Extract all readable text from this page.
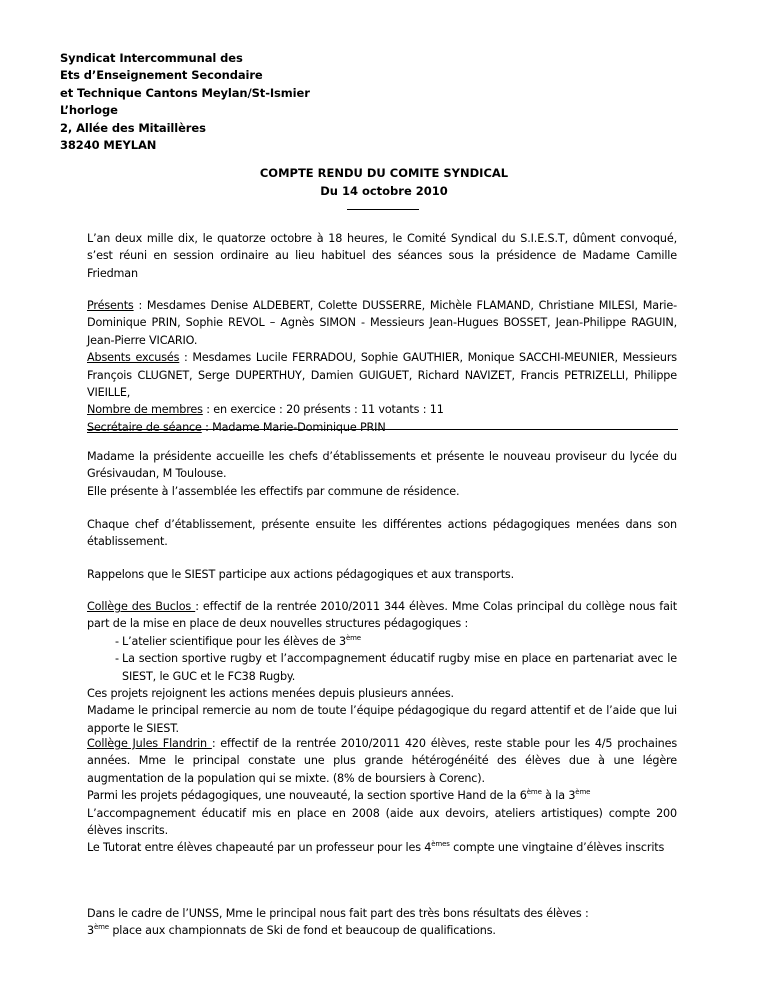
Syndicat Intercommunal des
Ets d’Enseignement Secondaire
et Technique Cantons Meylan/St-Ismier
L’horloge
2, Allée des Mitaillères
38240 MEYLAN
COMPTE RENDU DU COMITE SYNDICAL
Du 14 octobre 2010
L’an deux mille dix, le quatorze octobre à 18 heures, le Comité Syndical du S.I.E.S.T, dûment convoqué, s’est réuni en session ordinaire au lieu habituel des séances sous la présidence de Madame Camille Friedman
Présents : Mesdames Denise ALDEBERT, Colette DUSSERRE, Michèle FLAMAND, Christiane MILESI, Marie-Dominique PRIN, Sophie REVOL – Agnès SIMON - Messieurs Jean-Hugues BOSSET, Jean-Philippe RAGUIN, Jean-Pierre VICARIO.
Absents excusés : Mesdames Lucile FERRADOU, Sophie GAUTHIER, Monique SACCHI-MEUNIER, Messieurs François CLUGNET, Serge DUPERTHUY, Damien GUIGUET, Richard NAVIZET, Francis PETRIZELLI, Philippe VIEILLE,
Nombre de membres : en exercice : 20 présents : 11 votants : 11
Secrétaire de séance : Madame Marie-Dominique PRIN
Madame la présidente accueille les chefs d’établissements et présente le nouveau proviseur du lycée du Grésivaudan, M Toulouse.
Elle présente à l’assemblée les effectifs par commune de résidence.
Chaque chef d’établissement, présente ensuite les différentes actions pédagogiques menées dans son établissement.
Rappelons que le SIEST participe aux actions pédagogiques et aux transports.
Collège des Buclos : effectif de la rentrée 2010/2011 344 élèves. Mme Colas principal du collège nous fait part de la mise en place de deux nouvelles structures pédagogiques :
- L’atelier scientifique pour les élèves de 3ème
- La section sportive rugby et l’accompagnement éducatif rugby mise en place en partenariat avec le SIEST, le GUC et le FC38 Rugby.
Ces projets rejoignent les actions menées depuis plusieurs années.
Madame le principal remercie au nom de toute l’équipe pédagogique du regard attentif et de l’aide que lui apporte le SIEST.
Collège Jules Flandrin : effectif de la rentrée 2010/2011 420 élèves, reste stable pour les 4/5 prochaines années. Mme le principal constate une plus grande hétérogénéité des élèves due à une légère augmentation de la population qui se mixte. (8% de boursiers à Corenc).
Parmi les projets pédagogiques, une nouveauté, la section sportive Hand de la 6ème à la 3ème
L’accompagnement éducatif mis en place en 2008 (aide aux devoirs, ateliers artistiques) compte 200 élèves inscrits.
Le Tutorat entre élèves chapeauté par un professeur pour les 4èmes compte une vingtaine d’élèves inscrits
Dans le cadre de l’UNSS, Mme le principal nous fait part des très bons résultats des élèves :
3ème place aux championnats de Ski de fond et beaucoup de qualifications.
